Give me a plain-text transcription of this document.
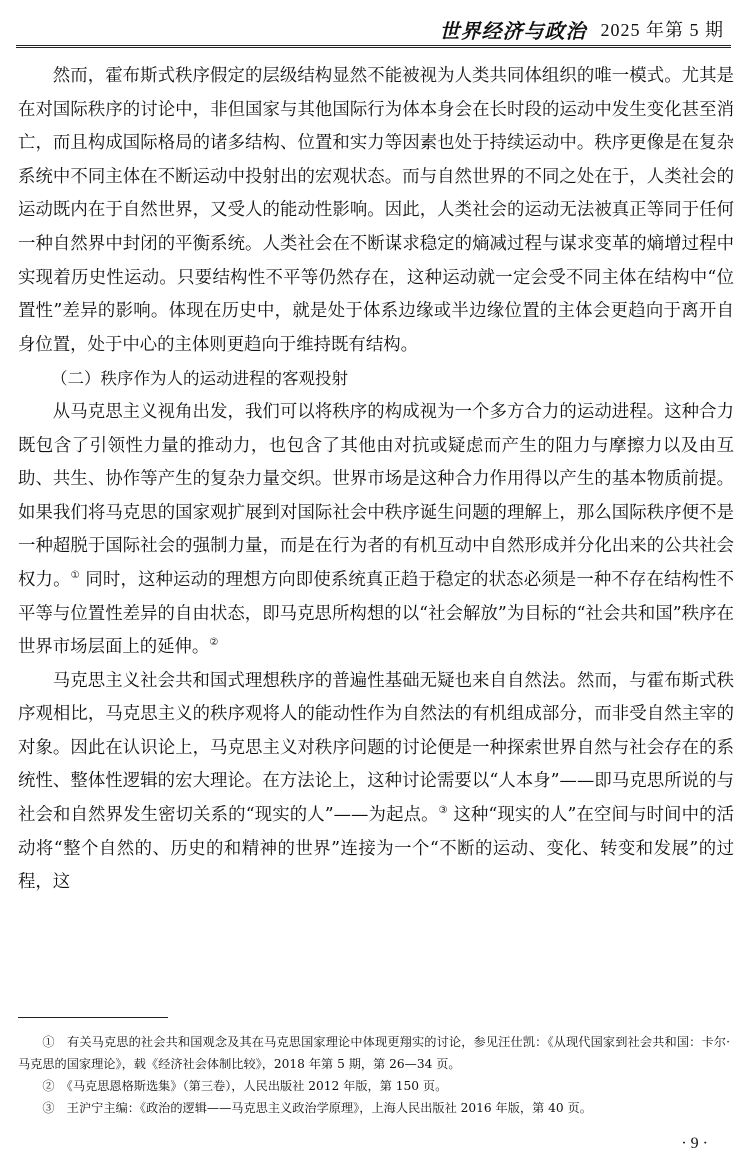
世界经济与政治 2025 年第 5 期

然而，霍布斯式秩序假定的层级结构显然不能被视为人类共同体组织的唯一模式。尤其是在对国际秩序的讨论中，非但国家与其他国际行为体本身会在长时段的运动中发生变化甚至消亡，而且构成国际格局的诸多结构、位置和实力等因素也处于持续运动中。秩序更像是在复杂系统中不同主体在不断运动中投射出的宏观状态。而与自然世界的不同之处在于，人类社会的运动既内在于自然世界，又受人的能动性影响。因此，人类社会的运动无法被真正等同于任何一种自然界中封闭的平衡系统。人类社会在不断谋求稳定的熵减过程与谋求变革的熵增过程中实现着历史性运动。只要结构性不平等仍然存在，这种运动就一定会受不同主体在结构中“位置性”差异的影响。体现在历史中，就是处于体系边缘或半边缘位置的主体会更趋向于离开自身位置，处于中心的主体则更趋向于维持既有结构。

（二）秩序作为人的运动进程的客观投射

从马克思主义视角出发，我们可以将秩序的构成视为一个多方合力的运动进程。这种合力既包含了引领性力量的推动力，也包含了其他由对抗或疑虑而产生的阻力与摩擦力以及由互助、共生、协作等产生的复杂力量交织。世界市场是这种合力作用得以产生的基本物质前提。如果我们将马克思的国家观扩展到对国际社会中秩序诞生问题的理解上，那么国际秩序便不是一种超脱于国际社会的强制力量，而是在行为者的有机互动中自然形成并分化出来的公共社会权力。① 同时，这种运动的理想方向即使系统真正趋于稳定的状态必须是一种不存在结构性不平等与位置性差异的自由状态，即马克思所构想的以“社会解放”为目标的“社会共和国”秩序在世界市场层面上的延伸。②

马克思主义社会共和国式理想秩序的普遍性基础无疑也来自自然法。然而，与霍布斯式秩序观相比，马克思主义的秩序观将人的能动性作为自然法的有机组成部分，而非受自然主宰的对象。因此在认识论上，马克思主义对秩序问题的讨论便是一种探索世界自然与社会存在的系统性、整体性逻辑的宏大理论。在方法论上，这种讨论需要以“人本身”——即马克思所说的与社会和自然界发生密切关系的“现实的人”——为起点。③ 这种“现实的人”在空间与时间中的活动将“整个自然的、历史的和精神的世界”连接为一个“不断的运动、变化、转变和发展”的过程，这

①　有关马克思的社会共和国观念及其在马克思国家理论中体现更翔实的讨论，参见汪仕凯：《从现代国家到社会共和国：卡尔·马克思的国家理论》，载《经济社会体制比较》，2018 年第 5 期，第 26—34 页。

②　《马克思恩格斯选集》（第三卷），人民出版社 2012 年版，第 150 页。

③　王沪宁主编：《政治的逻辑——马克思主义政治学原理》，上海人民出版社 2016 年版，第 40 页。

· 9 ·
